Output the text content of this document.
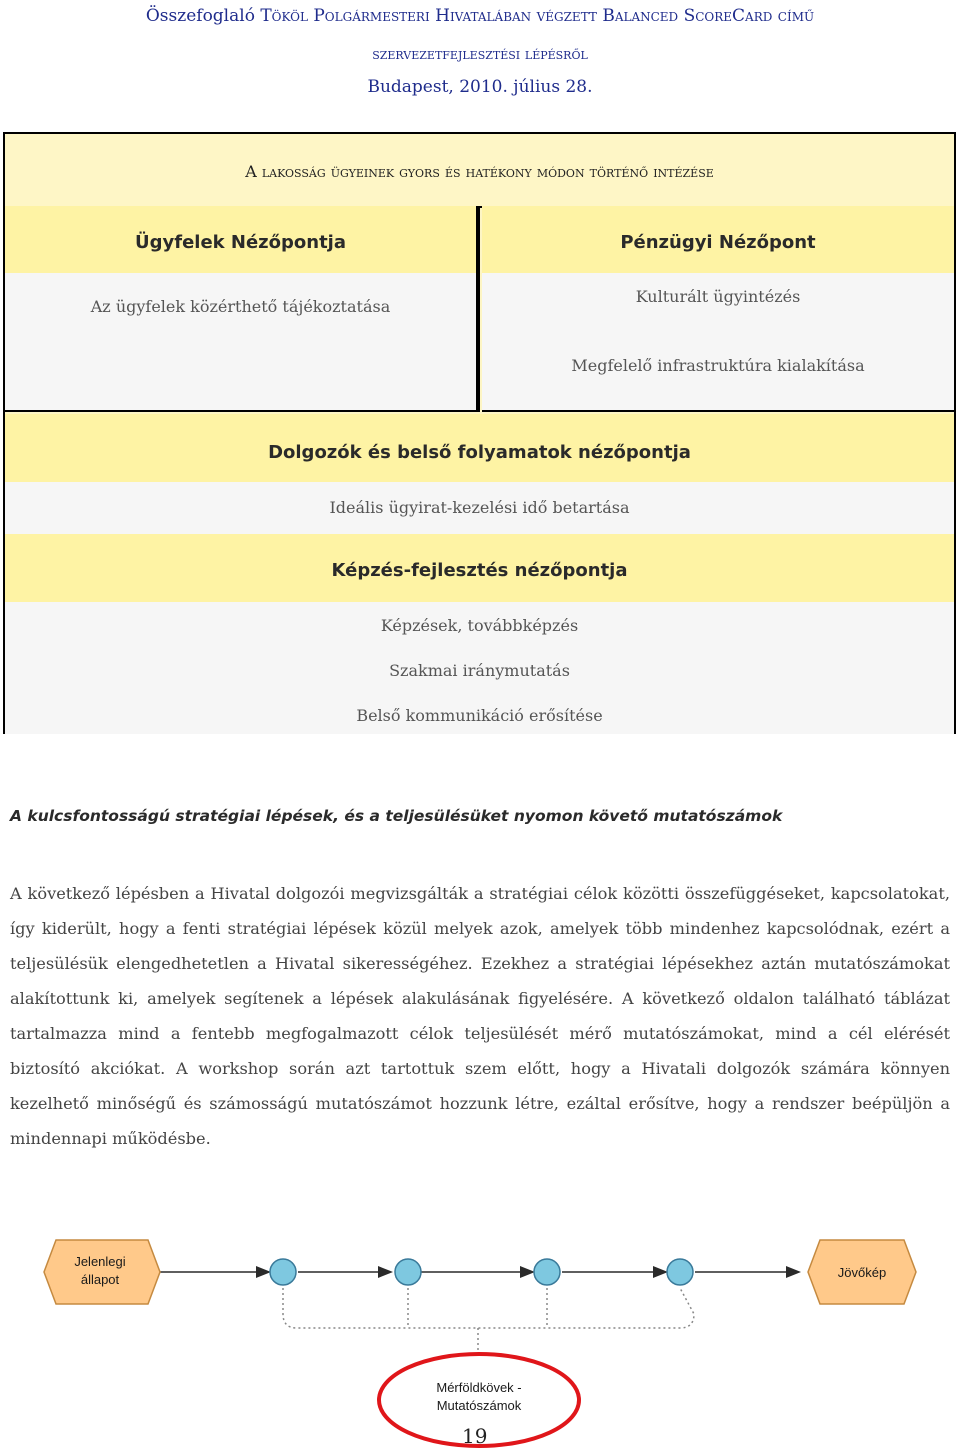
Összefoglaló Tököl Polgármesteri Hivatalában végzett Balanced ScoreCard című
szervezetfejlesztési lépésről
Budapest, 2010. július 28.
A lakosság ügyeinek gyors és hatékony módon történő intézése
Ügyfelek Nézőpontja
Az ügyfelek közérthető tájékoztatása
Pénzügyi Nézőpont
Kulturált ügyintézés
Megfelelő infrastruktúra kialakítása
Dolgozók és belső folyamatok nézőpontja
Ideális ügyirat-kezelési idő betartása
Képzés-fejlesztés nézőpontja
Képzések, továbbképzés
Szakmai iránymutatás
Belső kommunikáció erősítése
A kulcsfontosságú stratégiai lépések, és a teljesülésüket nyomon követő mutatószámok
A következő lépésben a Hivatal dolgozói megvizsgálták a stratégiai célok közötti összefüggéseket, kapcsolatokat, így kiderült, hogy a fenti stratégiai lépések közül melyek azok, amelyek több mindenhez kapcsolódnak, ezért a teljesülésük elengedhetetlen a Hivatal sikerességéhez. Ezekhez a stratégiai lépésekhez aztán mutatószámokat alakítottunk ki, amelyek segítenek a lépések alakulásának figyelésére. A következő oldalon található táblázat tartalmazza mind a fentebb megfogalmazott célok teljesülését mérő mutatószámokat, mind a cél elérését biztosító akciókat. A workshop során azt tartottuk szem előtt, hogy a Hivatali dolgozók számára könnyen kezelhető minőségű és számosságú mutatószámot hozzunk létre, ezáltal erősítve, hogy a rendszer beépüljön a mindennapi működésbe.
Jelenlegi
állapot	Jövőkép
Mérföldkövek -
Mutatószámok
19
